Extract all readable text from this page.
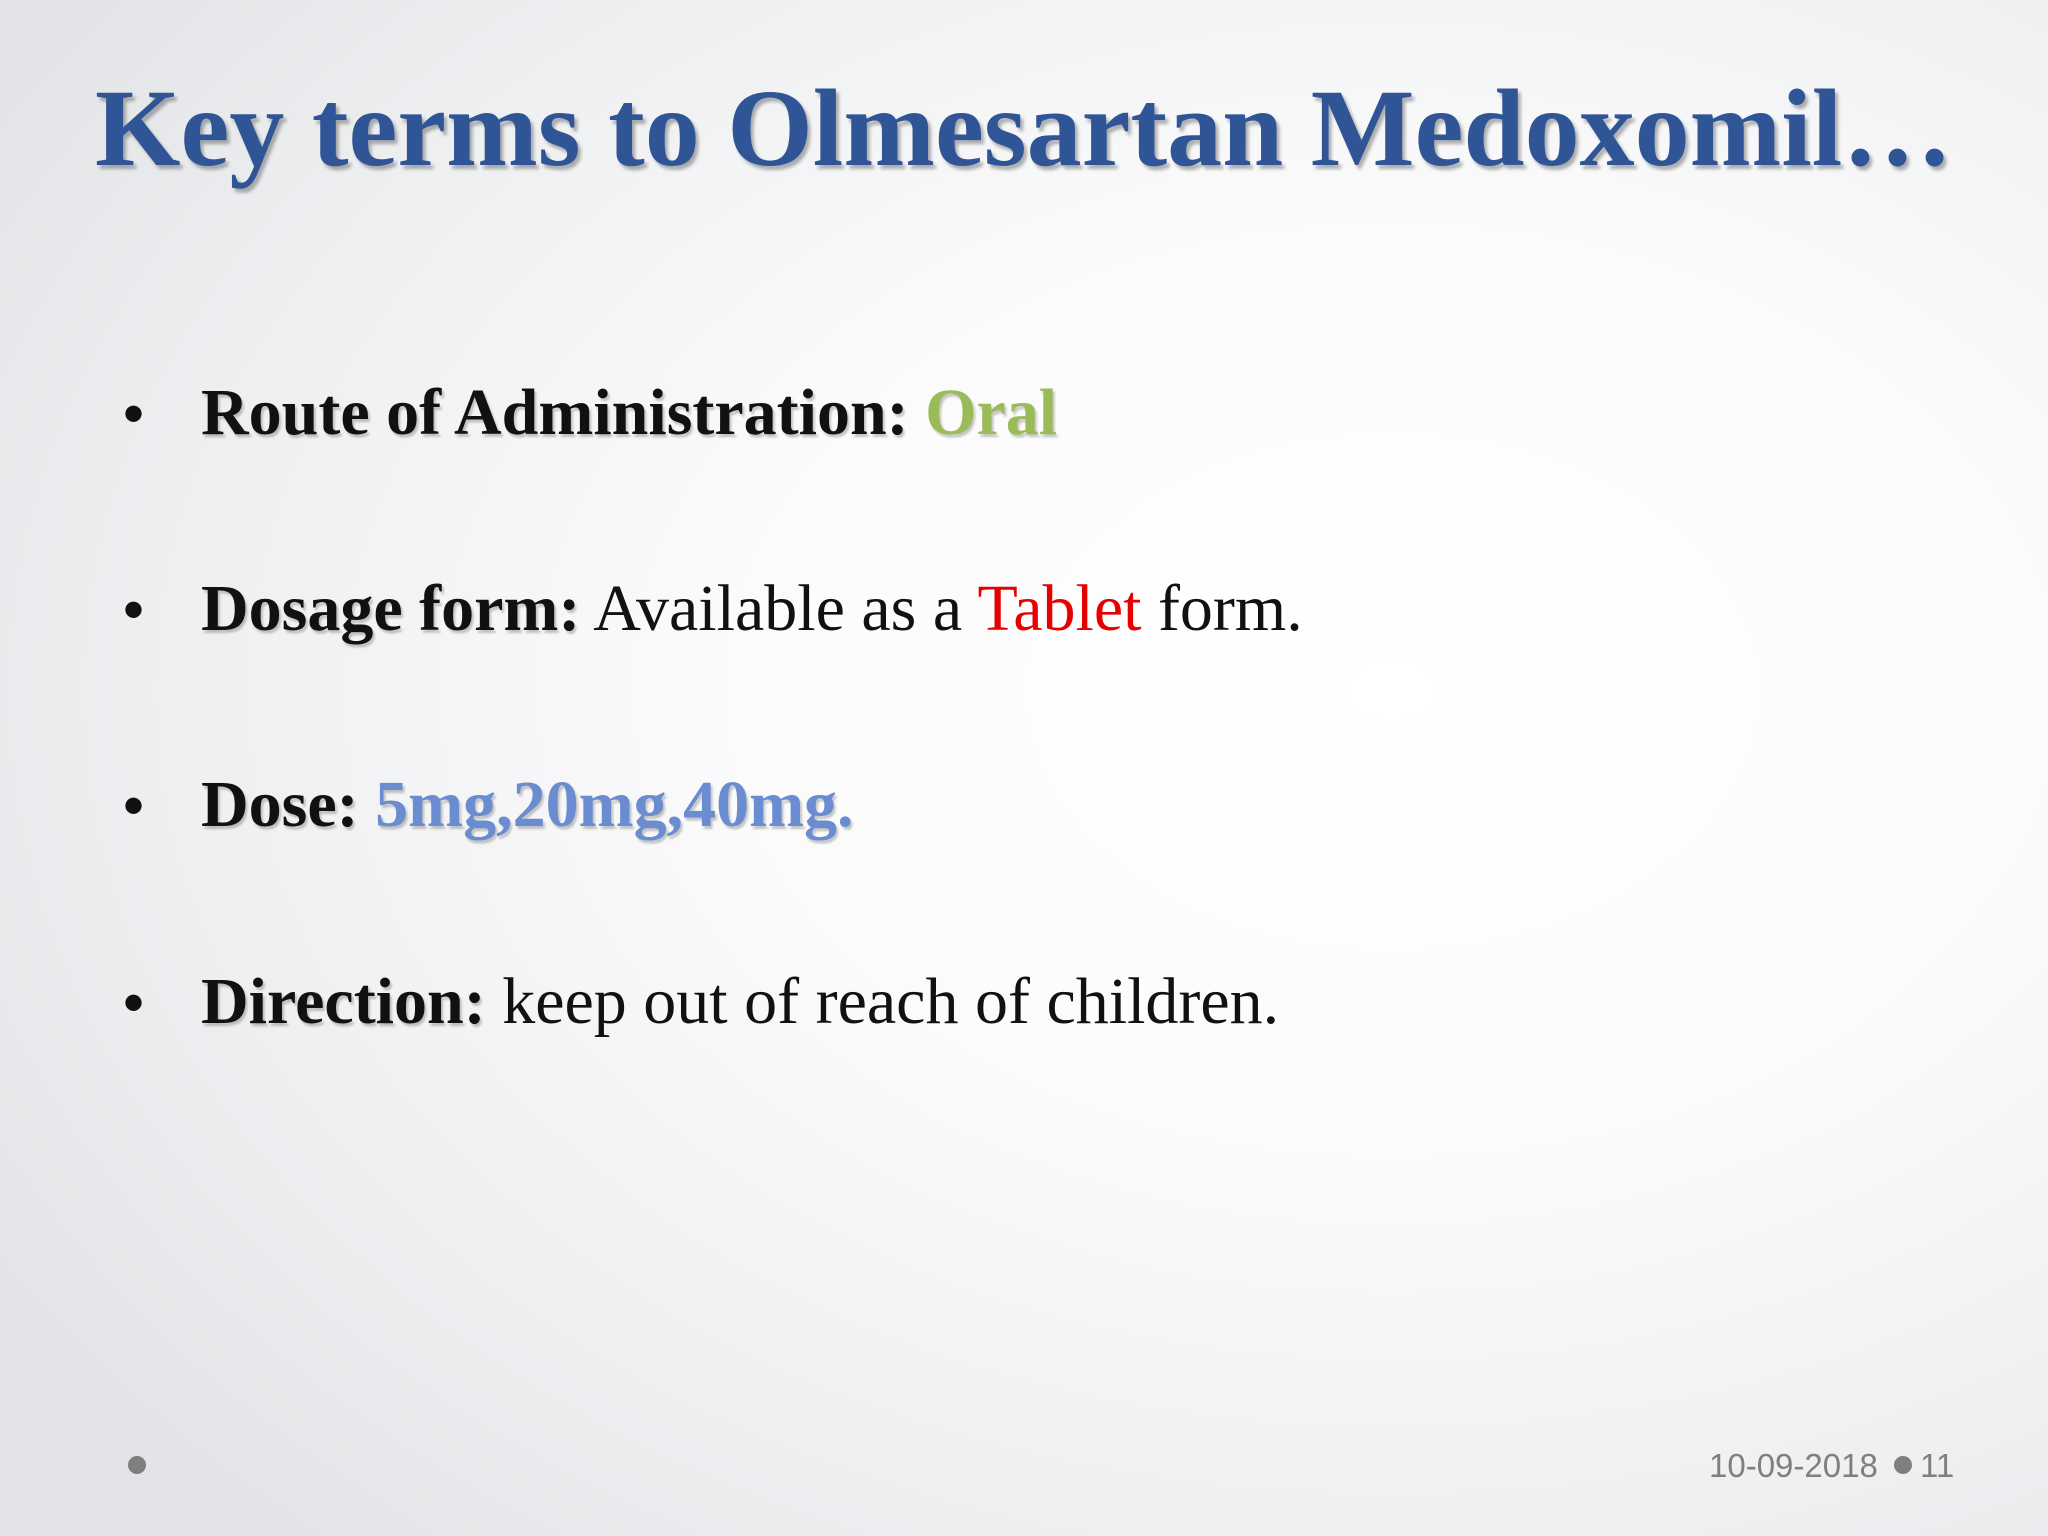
Key terms to Olmesartan Medoxomil…
• Route of Administration: Oral
• Dosage form: Available as a Tablet form.
• Dose: 5mg,20mg,40mg.
• Direction: keep out of reach of children.
10-09-2018 11
